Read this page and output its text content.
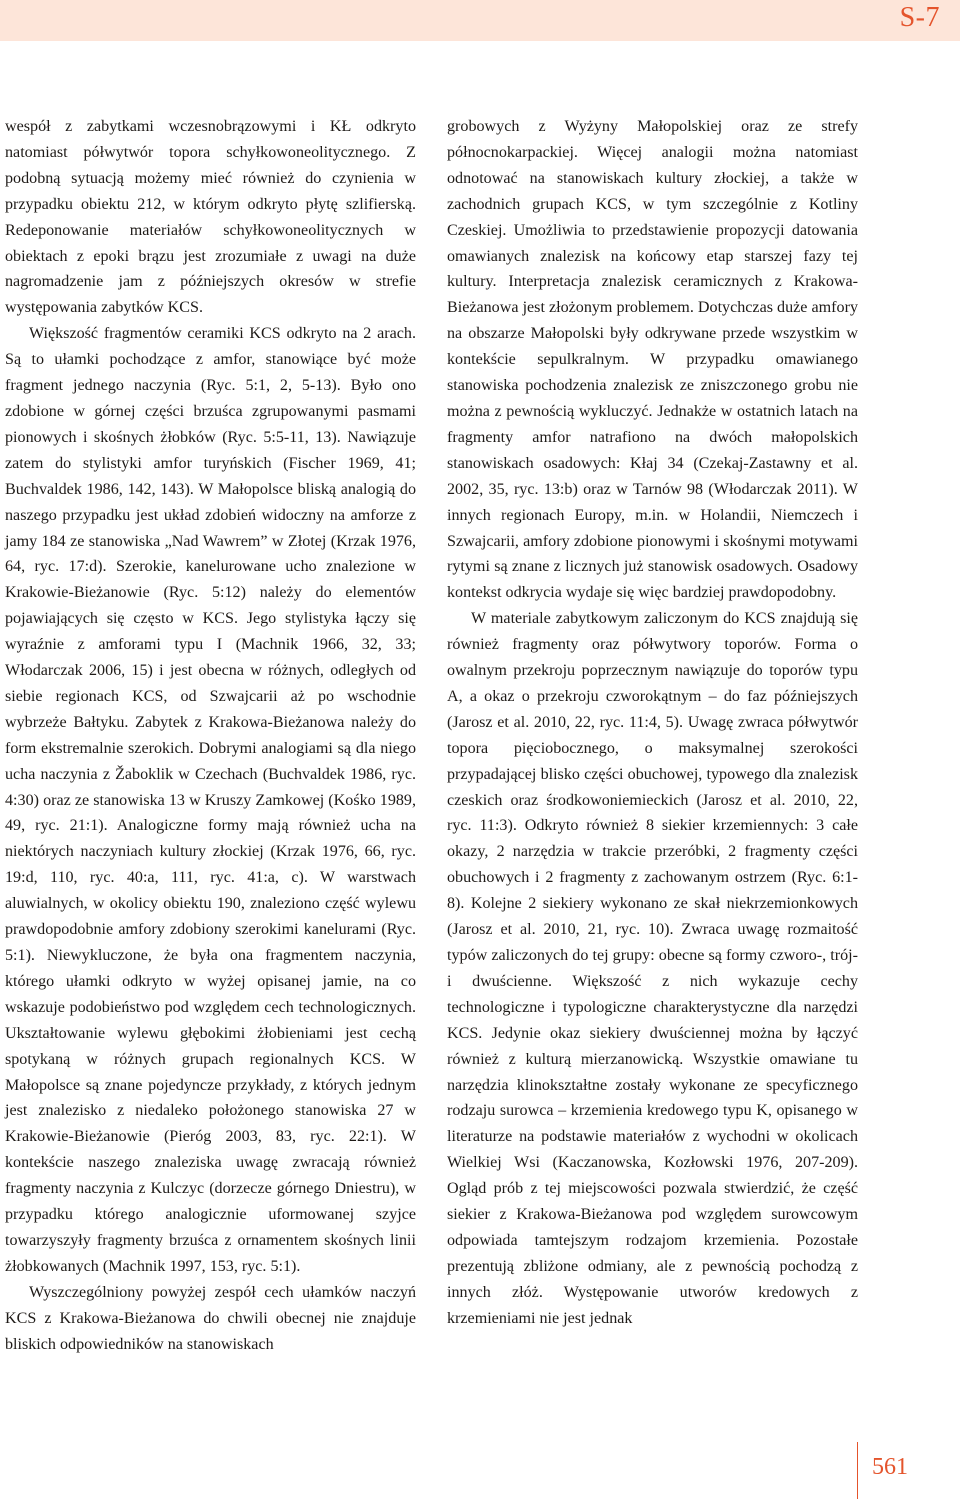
S-7

wespół z zabytkami wczesnobrązowymi i KŁ odkryto natomiast półwytwór topora schyłkowoneolitycznego. Z podobną sytuacją możemy mieć również do czynienia w przypadku obiektu 212, w którym odkryto płytę szlifierską. Redeponowanie materiałów schyłkowoneolitycznych w obiektach z epoki brązu jest zrozumiałe z uwagi na duże nagromadzenie jam z późniejszych okresów w strefie występowania zabytków KCS.

Większość fragmentów ceramiki KCS odkryto na 2 arach. Są to ułamki pochodzące z amfor, stanowiące być może fragment jednego naczynia (Ryc. 5:1, 2, 5-13). Było ono zdobione w górnej części brzuśca zgrupowanymi pasmami pionowych i skośnych żłobków (Ryc. 5:5-11, 13). Nawiązuje zatem do stylistyki amfor turyńskich (Fischer 1969, 41; Buchvaldek 1986, 142, 143). W Małopolsce bliską analogią do naszego przypadku jest układ zdobień widoczny na amforze z jamy 184 ze stanowiska „Nad Wawrem” w Złotej (Krzak 1976, 64, ryc. 17:d). Szerokie, kanelurowane ucho znalezione w Krakowie-Bieżanowie (Ryc. 5:12) należy do elementów pojawiających się często w KCS. Jego stylistyka łączy się wyraźnie z amforami typu I (Machnik 1966, 32, 33; Włodarczak 2006, 15) i jest obecna w różnych, odległych od siebie regionach KCS, od Szwajcarii aż po wschodnie wybrzeże Bałtyku. Zabytek z Krakowa-Bieżanowa należy do form ekstremalnie szerokich. Dobrymi analogiami są dla niego ucha naczynia z Žaboklik w Czechach (Buchvaldek 1986, ryc. 4:30) oraz ze stanowiska 13 w Kruszy Zamkowej (Kośko 1989, 49, ryc. 21:1). Analogiczne formy mają również ucha na niektórych naczyniach kultury złockiej (Krzak 1976, 66, ryc. 19:d, 110, ryc. 40:a, 111, ryc. 41:a, c). W warstwach aluwialnych, w okolicy obiektu 190, znaleziono część wylewu prawdopodobnie amfory zdobiony szerokimi kanelurami (Ryc. 5:1). Niewykluczone, że była ona fragmentem naczynia, którego ułamki odkryto w wyżej opisanej jamie, na co wskazuje podobieństwo pod względem cech technologicznych. Ukształtowanie wylewu głębokimi żłobieniami jest cechą spotykaną w różnych grupach regionalnych KCS. W Małopolsce są znane pojedyncze przykłady, z których jednym jest znalezisko z niedaleko położonego stanowiska 27 w Krakowie-Bieżanowie (Pieróg 2003, 83, ryc. 22:1). W kontekście naszego znaleziska uwagę zwracają również fragmenty naczynia z Kulczyc (dorzecze górnego Dniestru), w przypadku którego analogicznie uformowanej szyjce towarzyszyły fragmenty brzuśca z ornamentem skośnych linii żłobkowanych (Machnik 1997, 153, ryc. 5:1).

Wyszczególniony powyżej zespół cech ułamków naczyń KCS z Krakowa-Bieżanowa do chwili obecnej nie znajduje bliskich odpowiedników na stanowiskach

grobowych z Wyżyny Małopolskiej oraz ze strefy północnokarpackiej. Więcej analogii można natomiast odnotować na stanowiskach kultury złockiej, a także w zachodnich grupach KCS, w tym szczególnie z Kotliny Czeskiej. Umożliwia to przedstawienie propozycji datowania omawianych znalezisk na końcowy etap starszej fazy tej kultury. Interpretacja znalezisk ceramicznych z Krakowa-Bieżanowa jest złożonym problemem. Dotychczas duże amfory na obszarze Małopolski były odkrywane przede wszystkim w kontekście sepulkralnym. W przypadku omawianego stanowiska pochodzenia znalezisk ze zniszczonego grobu nie można z pewnością wykluczyć. Jednakże w ostatnich latach na fragmenty amfor natrafiono na dwóch małopolskich stanowiskach osadowych: Kłaj 34 (Czekaj-Zastawny et al. 2002, 35, ryc. 13:b) oraz w Tarnów 98 (Włodarczak 2011). W innych regionach Europy, m.in. w Holandii, Niemczech i Szwajcarii, amfory zdobione pionowymi i skośnymi motywami rytymi są znane z licznych już stanowisk osadowych. Osadowy kontekst odkrycia wydaje się więc bardziej prawdopodobny.

W materiale zabytkowym zaliczonym do KCS znajdują się również fragmenty oraz półwytwory toporów. Forma o owalnym przekroju poprzecznym nawiązuje do toporów typu A, a okaz o przekroju czworokątnym – do faz późniejszych (Jarosz et al. 2010, 22, ryc. 11:4, 5). Uwagę zwraca półwytwór topora pięciobocznego, o maksymalnej szerokości przypadającej blisko części obuchowej, typowego dla znalezisk czeskich oraz środkowoniemieckich (Jarosz et al. 2010, 22, ryc. 11:3). Odkryto również 8 siekier krzemiennych: 3 całe okazy, 2 narzędzia w trakcie przeróbki, 2 fragmenty części obuchowych i 2 fragmenty z zachowanym ostrzem (Ryc. 6:1-8). Kolejne 2 siekiery wykonano ze skał niekrzemionkowych (Jarosz et al. 2010, 21, ryc. 10). Zwraca uwagę rozmaitość typów zaliczonych do tej grupy: obecne są formy czworo-, trój- i dwuścienne. Większość z nich wykazuje cechy technologiczne i typologiczne charakterystyczne dla narzędzi KCS. Jedynie okaz siekiery dwuściennej można by łączyć również z kulturą mierzanowicką. Wszystkie omawiane tu narzędzia klinokształtne zostały wykonane ze specyficznego rodzaju surowca – krzemienia kredowego typu K, opisanego w literaturze na podstawie materiałów z wychodni w okolicach Wielkiej Wsi (Kaczanowska, Kozłowski 1976, 207-209). Ogląd prób z tej miejscowości pozwala stwierdzić, że część siekier z Krakowa-Bieżanowa pod względem surowcowym odpowiada tamtejszym rodzajom krzemienia. Pozostałe prezentują zbliżone odmiany, ale z pewnością pochodzą z innych złóż. Występowanie utworów kredowych z krzemieniami nie jest jednak

561
